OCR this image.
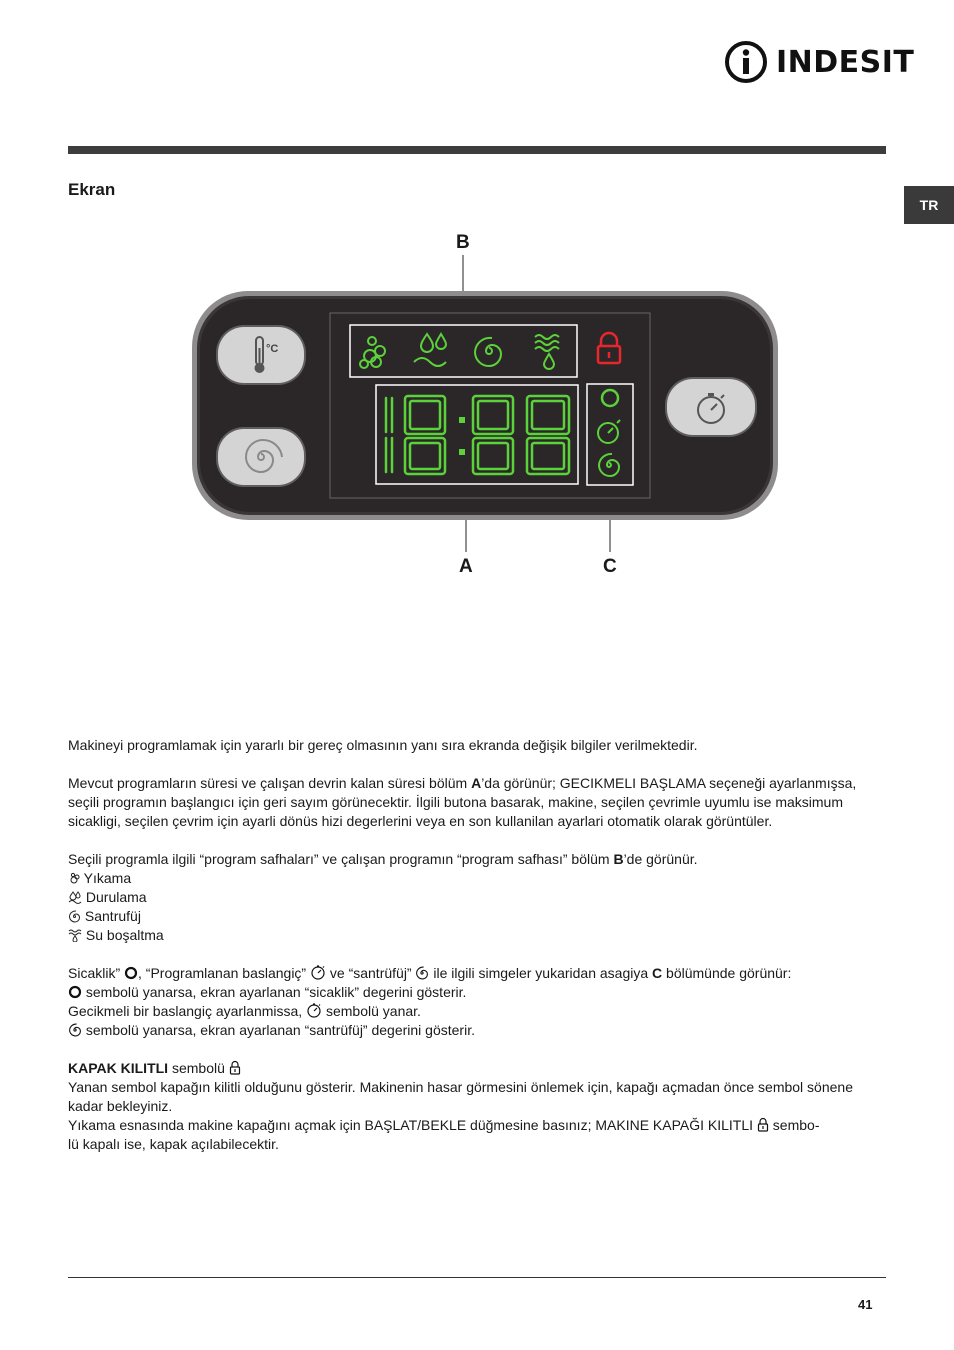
INDESIT
TR
Ekran
B
A	C
°C

Makineyi programlamak için yararlı bir gereç olmasının yanı sıra ekranda değişik bilgiler verilmektedir.

Mevcut programların süresi ve çalışan devrin kalan süresi bölüm A’da görünür; GECIKMELI BAŞLAMA seçeneği ayarlanmışsa, seçili programın başlangıcı için geri sayım görünecektir. İlgili butona basarak, makine, seçilen çevrimle uyumlu ise maksimum sicakligi, seçilen çevrim için ayarli dönüs hizi degerlerini veya en son kullanilan ayarlari otomatik olarak görüntüler.

Seçili programla ilgili “program safhaları” ve çalışan programın “program safhası” bölüm B’de görünür.

Yıkama

Durulama

Santrufüj

Su boşaltma

Sicaklik” , “Programlanan baslangiç”  ve “santrüfüj”  ile ilgili simgeler yukaridan asagiya C bölümünde görünür:

sembolü yanarsa, ekran ayarlanan “sicaklik” degerini gösterir.

Gecikmeli bir baslangiç ayarlanmissa,  sembolü yanar.

sembolü yanarsa, ekran ayarlanan “santrüfüj” degerini gösterir.

KAPAK KILITLI sembolü

Yanan sembol kapağın kilitli olduğunu gösterir. Makinenin hasar görmesini önlemek için, kapağı açmadan önce sembol sönene kadar bekleyiniz.

Yıkama esnasında makine kapağını açmak için BAŞLAT/BEKLE düğmesine basınız; MAKINE KAPAĞI KILITLI  sembo-
lü kapalı ise, kapak açılabilecektir.

41
